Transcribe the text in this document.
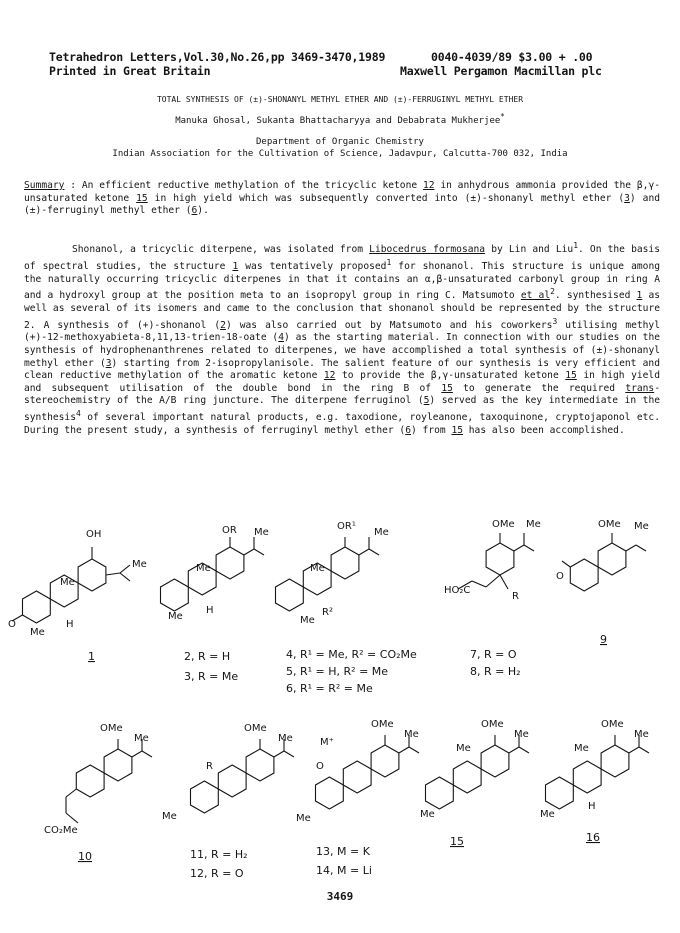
Tetrahedron Letters,Vol.30,No.26,pp 3469-3470,1989	0040-4039/89 $3.00 + .00
Printed in Great Britain	Maxwell Pergamon Macmillan plc
TOTAL SYNTHESIS OF (±)-SHONANYL METHYL ETHER AND (±)-FERRUGINYL METHYL ETHER
Manuka Ghosal, Sukanta Bhattacharyya and Debabrata Mukherjee*
Department of Organic Chemistry
Indian Association for the Cultivation of Science, Jadavpur, Calcutta-700 032, India

Summary : An efficient reductive methylation of the tricyclic ketone 12 in anhydrous ammonia provided the β,γ-unsaturated ketone 15 in high yield which was subsequently converted into (±)-shonanyl methyl ether (3) and (±)-ferruginyl methyl ether (6).

Shonanol, a tricyclic diterpene, was isolated from Libocedrus formosana by Lin and Liu$^1$. On the basis of spectral studies, the structure 1 was tentatively proposed$^1$ for shonanol. This structure is unique among the naturally occurring tricyclic diterpenes in that it contains an α,β-unsaturated carbonyl group in ring A and a hydroxyl group at the position meta to an isopropyl group in ring C. Matsumoto et $al^2$. synthesised 1 as well as several of its isomers and came to the conclusion that shonanol should be represented by the structure 2. A synthesis of (+)-shonanol (2) was also carried out by Matsumoto and his coworkers$^3$ utilising methyl (+)-12-methoxyabieta-8,11,13-trien-18-oate (4) as the starting material. In connection with our studies on the synthesis of hydrophenanthrenes related to diterpenes, we have accomplished a total synthesis of (±)-shonanyl methyl ether (3) starting from 2-isopropylanisole. The salient feature of our synthesis is very efficient and clean reductive methylation of the aromatic ketone 12 to provide the β,γ-unsaturated ketone 15 in high yield and subsequent utilisation of the double bond in the ring B of 15 to generate the required trans-stereochemistry of the A/B ring juncture. The diterpene ferruginol (5) served as the key intermediate in the synthesis$^4$ of several important natural products, e.g. taxodione, royleanone, taxoquinone, cryptojaponol etc. During the present study, a synthesis of ferruginyl methyl ether (6) from 15 has also been accomplished.

OH
Me
Me
O
Me
H
OR Me
Me
Me
H
OR¹
Me
Me
Me
R²
OMe Me
HO₂C
R
OMe Me
O
OMe
Me
CO₂Me
OMe
Me
R
Me
OMe
Me
M⁺
O
Me
OMe
Me
Me
Me
OMe
Me
Me
Me
H
1	2, R = H
3, R = Me
4, R¹ = Me, R² = CO₂Me
5, R¹ = H, R² = Me
6, R¹ = R² = Me
7, R = O
8, R = H₂
9
10	11, R = H₂
12, R = O
13, M = K
14, M = Li
15	16
3469
